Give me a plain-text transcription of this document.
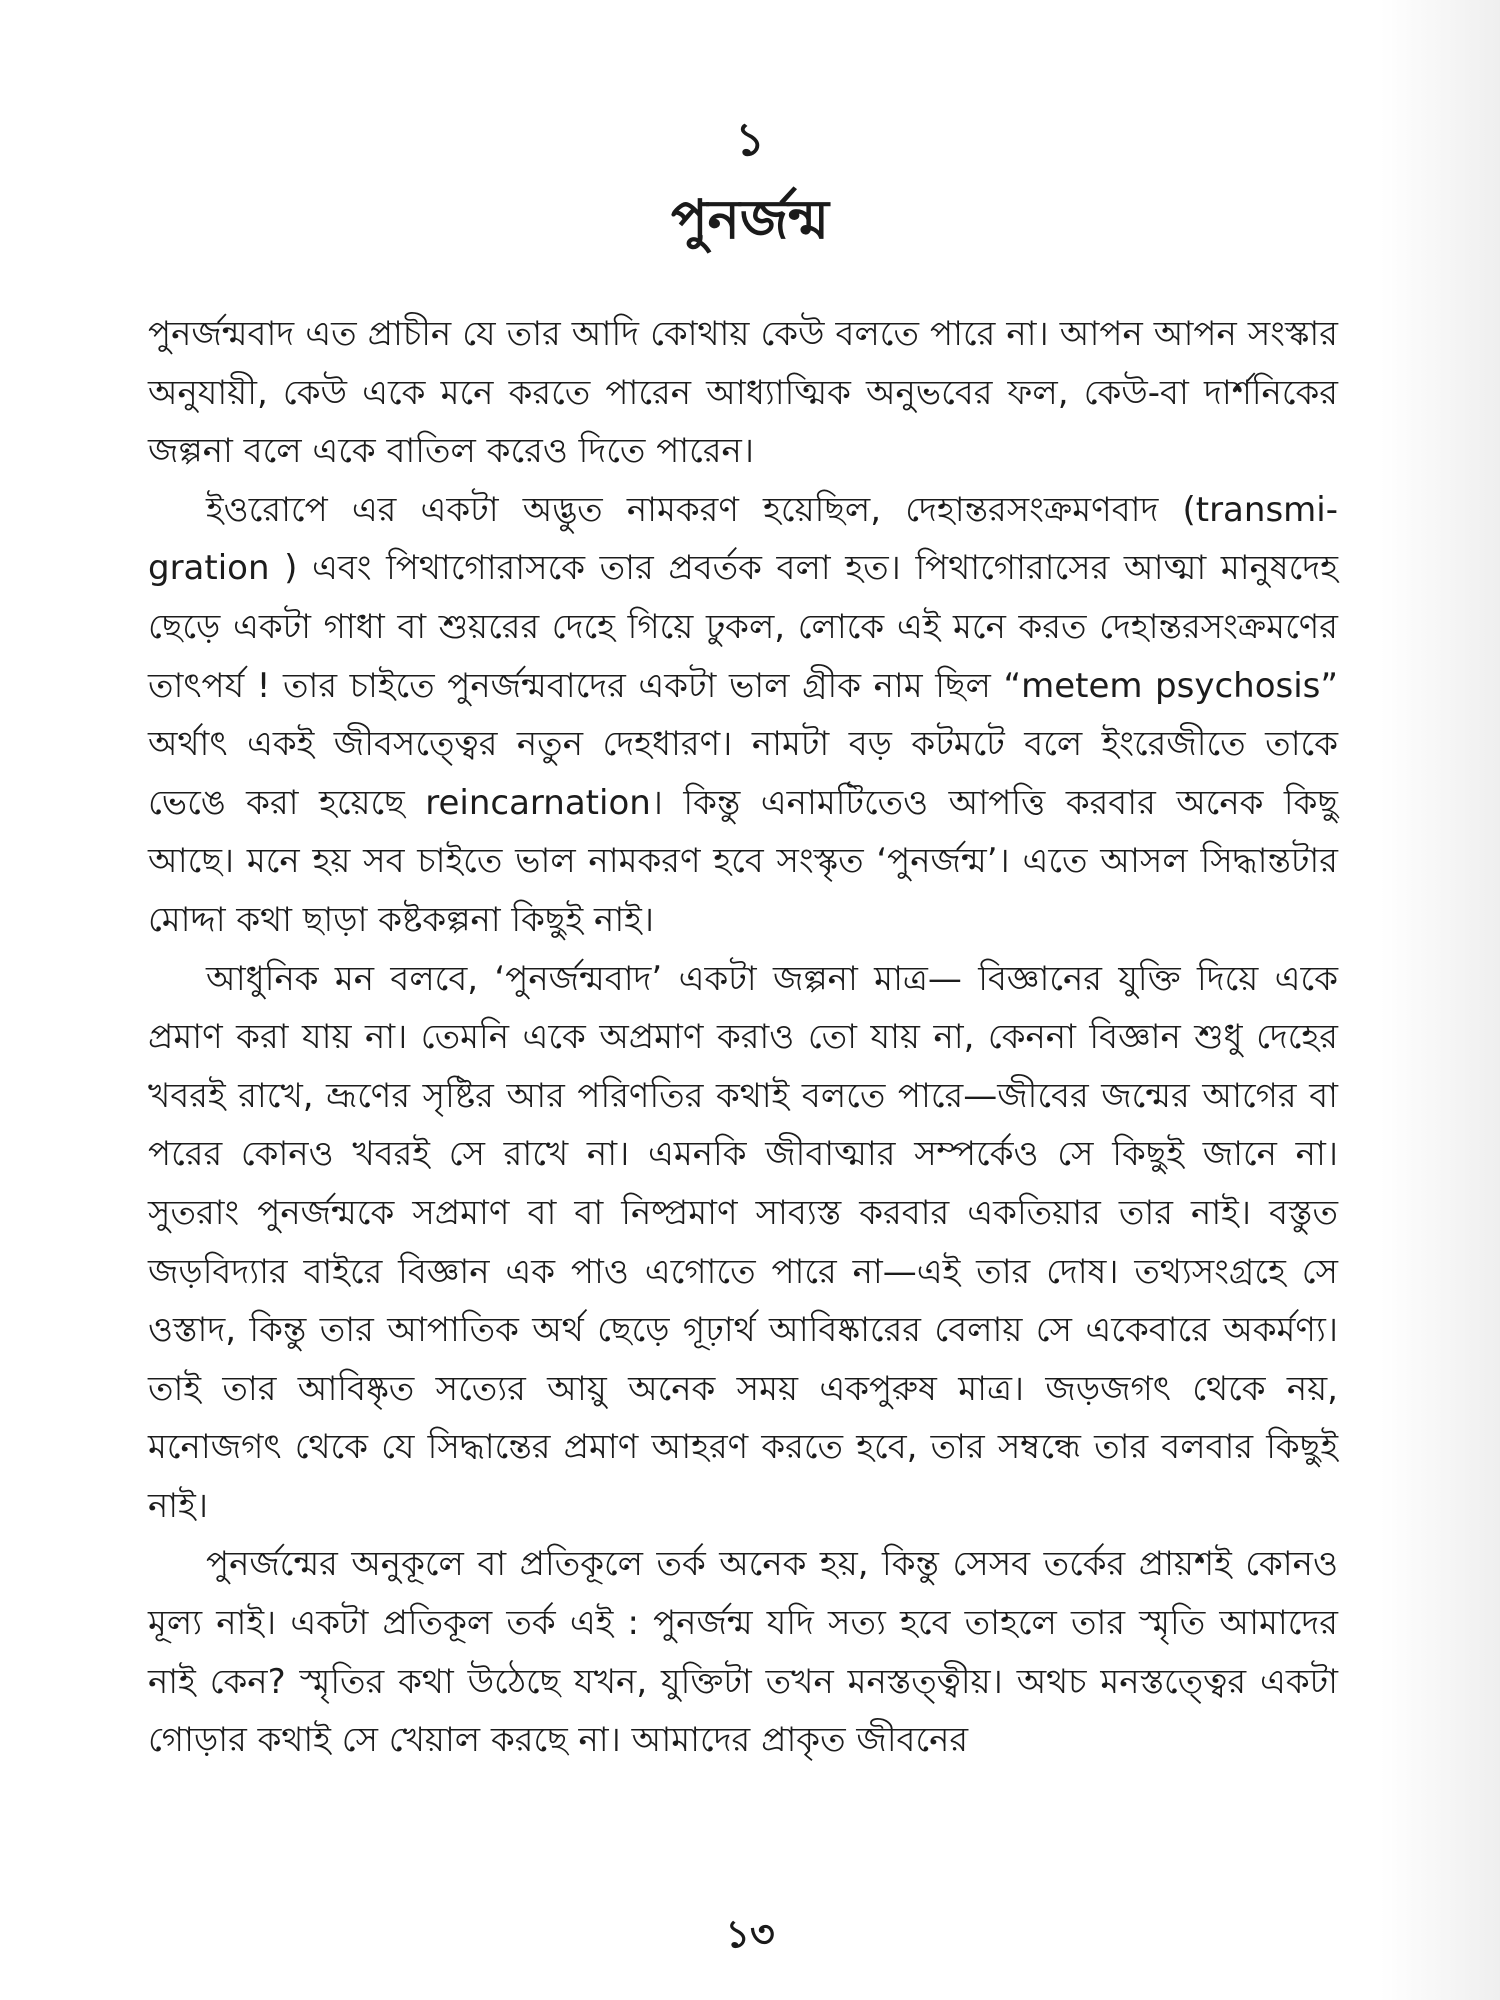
১
পুনর্জন্ম

পুনর্জন্মবাদ এত প্রাচীন যে তার আদি কোথায় কেউ বলতে পারে না। আপন আপন সংস্কার অনুযায়ী, কেউ একে মনে করতে পারেন আধ্যাত্মিক অনুভবের ফল, কেউ-বা দার্শনিকের জল্পনা বলে একে বাতিল করেও দিতে পারেন।

ইওরোপে এর একটা অদ্ভুত নামকরণ হয়েছিল, দেহান্তরসংক্রমণবাদ (transmi-gration ) এবং পিথাগোরাসকে তার প্রবর্তক বলা হত। পিথাগোরাসের আত্মা মানুষদেহ ছেড়ে একটা গাধা বা শুয়রের দেহে গিয়ে ঢুকল, লোকে এই মনে করত দেহান্তরসংক্রমণের তাৎপর্য ! তার চাইতে পুনর্জন্মবাদের একটা ভাল গ্রীক নাম ছিল “metem psychosis” অর্থাৎ একই জীবসত্ত্বের নতুন দেহধারণ। নামটা বড় কটমটে বলে ইংরেজীতে তাকে ভেঙে করা হয়েছে reincarnation। কিন্তু এনামটিতেও আপত্তি করবার অনেক কিছু আছে। মনে হয় সব চাইতে ভাল নামকরণ হবে সংস্কৃত ‘পুনর্জন্ম’। এতে আসল সিদ্ধান্তটার মোদ্দা কথা ছাড়া কষ্টকল্পনা কিছুই নাই।

আধুনিক মন বলবে, ‘পুনর্জন্মবাদ’ একটা জল্পনা মাত্র— বিজ্ঞানের যুক্তি দিয়ে একে প্রমাণ করা যায় না। তেমনি একে অপ্রমাণ করাও তো যায় না, কেননা বিজ্ঞান শুধু দেহের খবরই রাখে, ভ্রূণের সৃষ্টির আর পরিণতির কথাই বলতে পারে—জীবের জন্মের আগের বা পরের কোনও খবরই সে রাখে না। এমনকি জীবাত্মার সম্পর্কেও সে কিছুই জানে না। সুতরাং পুনর্জন্মকে সপ্রমাণ বা বা নিষ্প্রমাণ সাব্যস্ত করবার একতিয়ার তার নাই। বস্তুত জড়বিদ্যার বাইরে বিজ্ঞান এক পাও এগোতে পারে না—এই তার দোষ। তথ্যসংগ্রহে সে ওস্তাদ, কিন্তু তার আপাতিক অর্থ ছেড়ে গূঢ়ার্থ আবিষ্কারের বেলায় সে একেবারে অকর্মণ্য। তাই তার আবিষ্কৃত সত্যের আয়ু অনেক সময় একপুরুষ মাত্র। জড়জগৎ থেকে নয়, মনোজগৎ থেকে যে সিদ্ধান্তের প্রমাণ আহরণ করতে হবে, তার সম্বন্ধে তার বলবার কিছুই নাই।

পুনর্জন্মের অনুকূলে বা প্রতিকূলে তর্ক অনেক হয়, কিন্তু সেসব তর্কের প্রায়শই কোনও মূল্য নাই। একটা প্রতিকূল তর্ক এই : পুনর্জন্ম যদি সত্য হবে তাহলে তার স্মৃতি আমাদের নাই কেন? স্মৃতির কথা উঠেছে যখন, যুক্তিটা তখন মনস্তত্ত্বীয়। অথচ মনস্তত্ত্বের একটা গোড়ার কথাই সে খেয়াল করছে না। আমাদের প্রাকৃত জীবনের

১৩
